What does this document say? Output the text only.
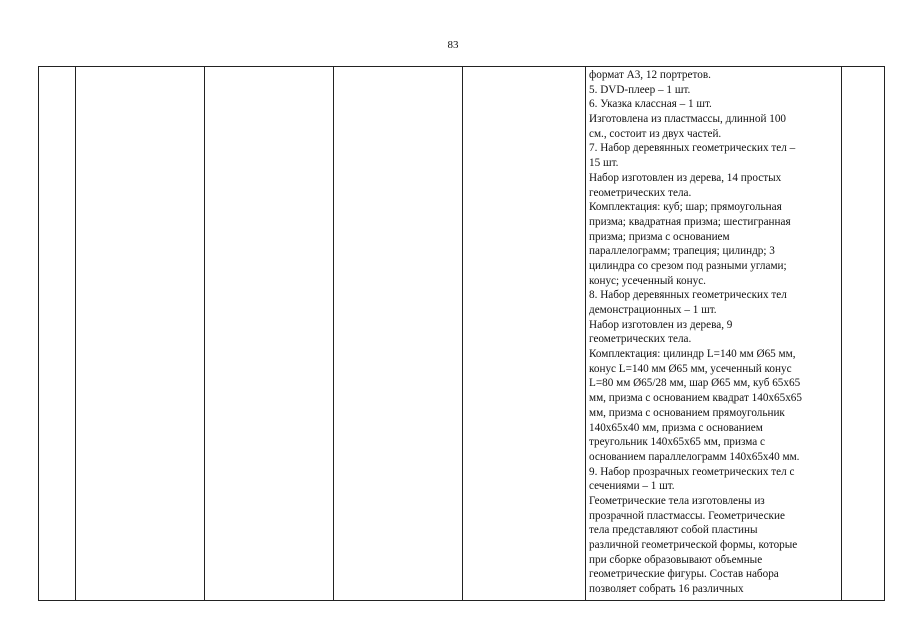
83

формат А3, 12 портретов.
5. DVD-плеер – 1 шт.
6. Указка классная – 1 шт.
Изготовлена из пластмассы, длинной 100
см., состоит из двух частей.
7. Набор деревянных геометрических тел –
15 шт.
Набор изготовлен из дерева, 14 простых
геометрических тела.
Комплектация: куб; шар; прямоугольная
призма; квадратная призма; шестигранная
призма; призма с основанием
параллелограмм; трапеция; цилиндр; 3
цилиндра со срезом под разными углами;
конус; усеченный конус.
8. Набор деревянных геометрических тел
демонстрационных – 1 шт.
Набор изготовлен из дерева, 9
геометрических тела.
Комплектация: цилиндр L=140 мм Ø65 мм,
конус L=140 мм Ø65 мм, усеченный конус
L=80 мм Ø65/28 мм, шар Ø65 мм, куб 65х65
мм, призма с основанием квадрат 140х65х65
мм, призма с основанием прямоугольник
140х65х40 мм, призма с основанием
треугольник 140х65х65 мм, призма с
основанием параллелограмм 140х65х40 мм.
9. Набор прозрачных геометрических тел с
сечениями – 1 шт.
Геометрические тела изготовлены из
прозрачной пластмассы. Геометрические
тела представляют собой пластины
различной геометрической формы, которые
при сборке образовывают объемные
геометрические фигуры. Состав набора
позволяет собрать 16 различных
